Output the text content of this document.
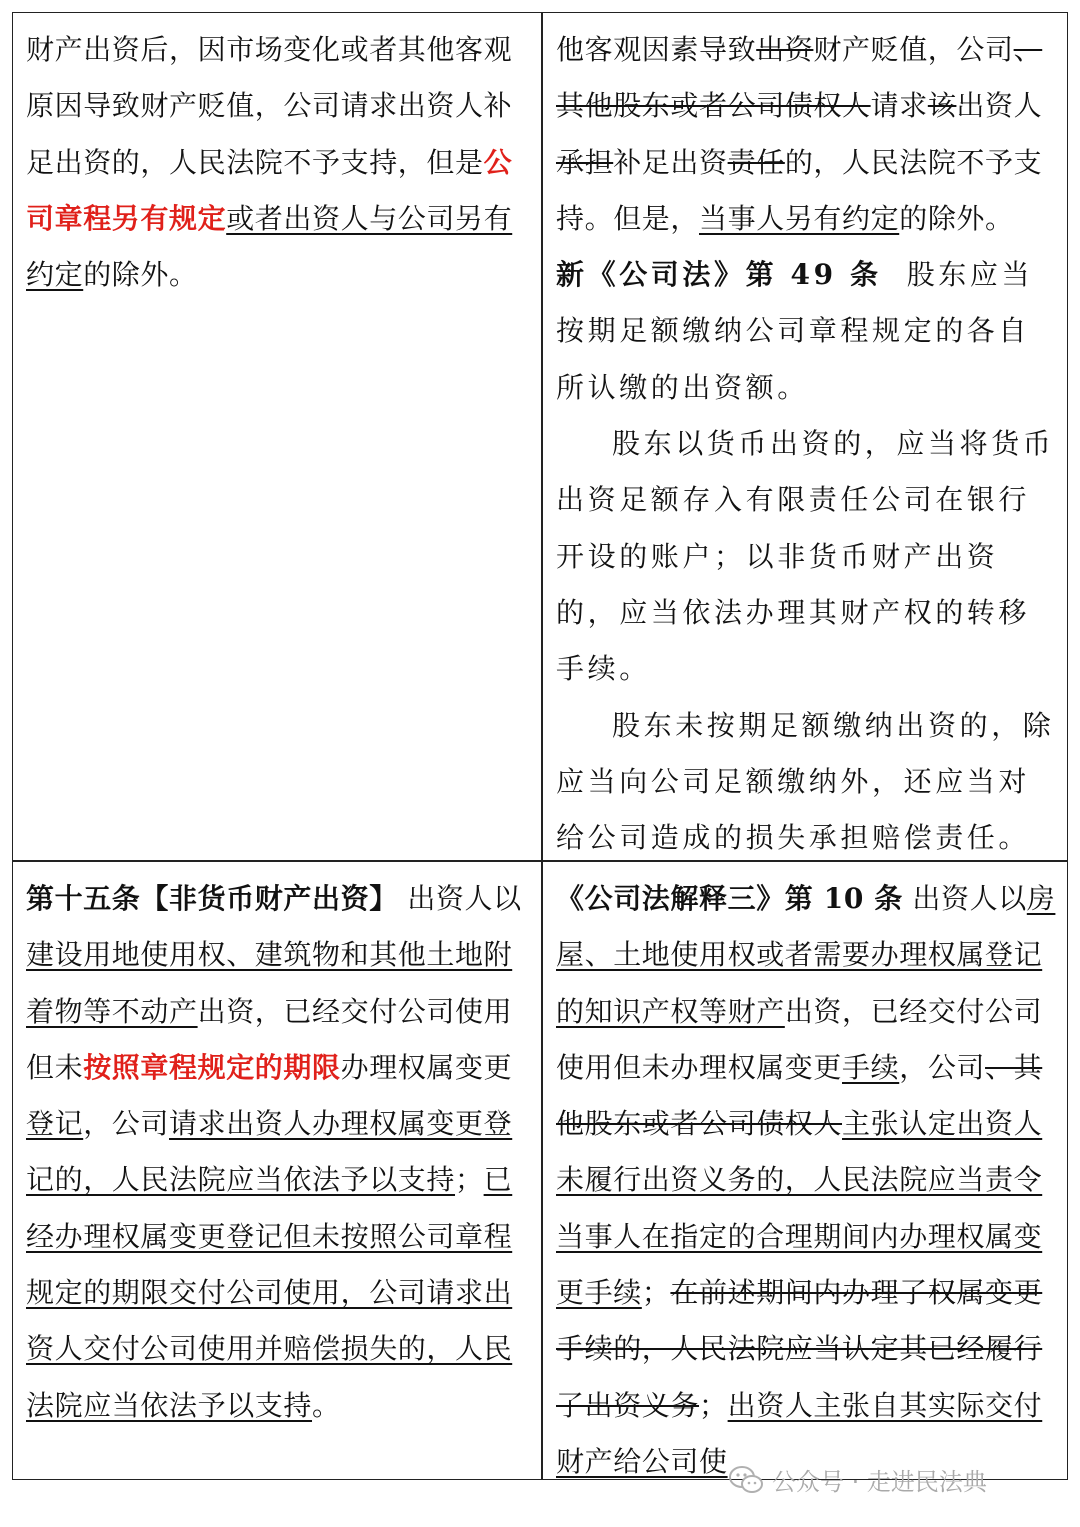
财产出资后，因市场变化或者其他客观原因导致财产贬值，公司请求出资人补足出资的，人民法院不予支持，但是公司章程另有规定或者出资人与公司另有约定的除外。

他客观因素导致出资财产贬值，公司、其他股东或者公司债权人请求该出资人承担补足出资责任的，人民法院不予支持。但是，当事人另有约定的除外。

新《公司法》第 49 条 股东应当按期足额缴纳公司章程规定的各自所认缴的出资额。

股东以货币出资的，应当将货币出资足额存入有限责任公司在银行开设的账户；以非货币财产出资的，应当依法办理其财产权的转移手续。

股东未按期足额缴纳出资的，除应当向公司足额缴纳外，还应当对给公司造成的损失承担赔偿责任。

第十五条【非货币财产出资】 出资人以建设用地使用权、建筑物和其他土地附着物等不动产出资，已经交付公司使用但未按照章程规定的期限办理权属变更登记，公司请求出资人办理权属变更登记的，人民法院应当依法予以支持；已经办理权属变更登记但未按照公司章程规定的期限交付公司使用，公司请求出资人交付公司使用并赔偿损失的，人民法院应当依法予以支持。

《公司法解释三》第 10 条 出资人以房屋、土地使用权或者需要办理权属登记的知识产权等财产出资，已经交付公司使用但未办理权属变更手续，公司、其他股东或者公司债权人主张认定出资人未履行出资义务的，人民法院应当责令当事人在指定的合理期间内办理权属变更手续；在前述期间内办理了权属变更手续的，人民法院应当认定其已经履行了出资义务；出资人主张自其实际交付财产给公司使

公众号 · 走进民法典
